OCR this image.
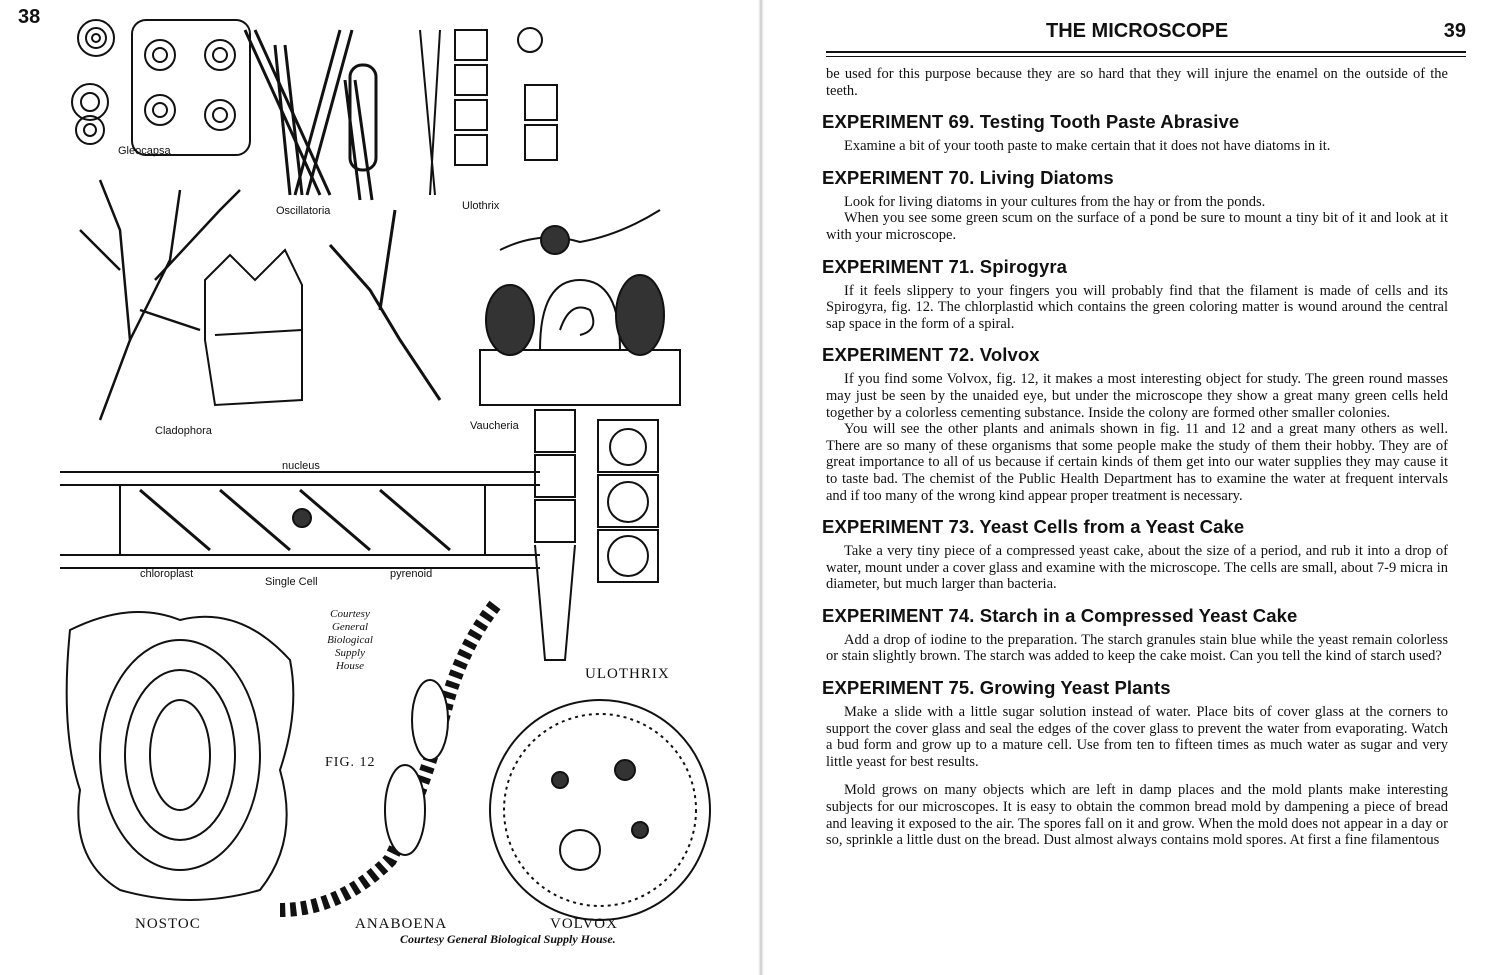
38
Gleocapsa
Oscillatoria	Ulothrix
Cladophora	Vaucheria
nucleus
chloroplast
Single Cell
pyrenoid
ULOTHRIX
FIG. 12
NOSTOC	ANABOENA	VOLVOX
Courtesy
General
Biological
Supply
House
Courtesy General Biological Supply House.
THE MICROSCOPE	39

be used for this purpose because they are so hard that they will injure the enamel on the outside of the teeth.

EXPERIMENT 69. Testing Tooth Paste Abrasive

Examine a bit of your tooth paste to make certain that it does not have diatoms in it.

EXPERIMENT 70. Living Diatoms

Look for living diatoms in your cultures from the hay or from the ponds.

When you see some green scum on the surface of a pond be sure to mount a tiny bit of it and look at it with your microscope.

EXPERIMENT 71. Spirogyra

If it feels slippery to your fingers you will probably find that the filament is made of cells and its Spirogyra, fig. 12. The chlorplastid which contains the green coloring matter is wound around the central sap space in the form of a spiral.

EXPERIMENT 72. Volvox

If you find some Volvox, fig. 12, it makes a most interesting object for study. The green round masses may just be seen by the unaided eye, but under the microscope they show a great many green cells held together by a colorless cementing substance. Inside the colony are formed other smaller colonies.

You will see the other plants and animals shown in fig. 11 and 12 and a great many others as well. There are so many of these organisms that some people make the study of them their hobby. They are of great importance to all of us because if certain kinds of them get into our water supplies they may cause it to taste bad. The chemist of the Public Health Department has to examine the water at frequent intervals and if too many of the wrong kind appear proper treatment is necessary.

EXPERIMENT 73. Yeast Cells from a Yeast Cake

Take a very tiny piece of a compressed yeast cake, about the size of a period, and rub it into a drop of water, mount under a cover glass and examine with the microscope. The cells are small, about 7-9 micra in diameter, but much larger than bacteria.

EXPERIMENT 74. Starch in a Compressed Yeast Cake

Add a drop of iodine to the preparation. The starch granules stain blue while the yeast remain colorless or stain slightly brown. The starch was added to keep the cake moist. Can you tell the kind of starch used?

EXPERIMENT 75. Growing Yeast Plants

Make a slide with a little sugar solution instead of water. Place bits of cover glass at the corners to support the cover glass and seal the edges of the cover glass to prevent the water from evaporating. Watch a bud form and grow up to a mature cell. Use from ten to fifteen times as much water as sugar and very little yeast for best results.

Mold grows on many objects which are left in damp places and the mold plants make interesting subjects for our microscopes. It is easy to obtain the common bread mold by dampening a piece of bread and leaving it exposed to the air. The spores fall on it and grow. When the mold does not appear in a day or so, sprinkle a little dust on the bread. Dust almost always contains mold spores. At first a fine filamentous
